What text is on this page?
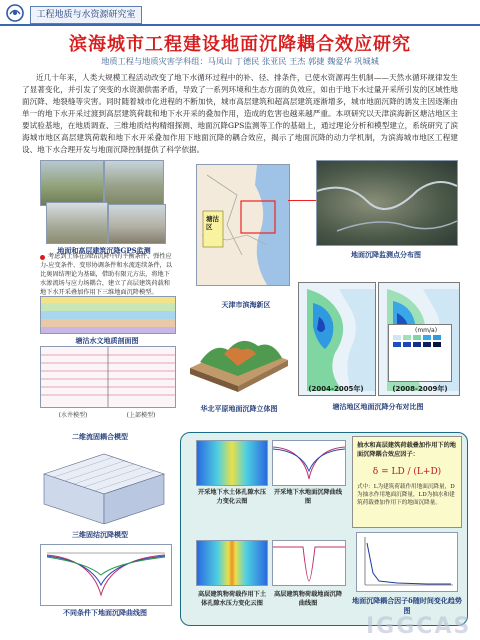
工程地质与水资源研究室
滨海城市工程建设地面沉降耦合效应研究
地质工程与地质灾害学科组：马凤山 丁德民 张亚民 王杰 郭捷 魏爱华 巩城城
近几十年来，人类大规模工程活动改变了地下水循环过程中的补、径、排条件，已使水资源再生机制——天然水循环规律发生了显著变化，并引发了突变的水资源供需矛盾，导致了一系列环境和生态方面的负效应，如由于地下水过量开采所引发的区域性地面沉降、地裂缝等灾害。同时随着城市化进程的不断加快，城市高层建筑和超高层建筑逐渐增多，城市地面沉降的诱发主因逐渐由单一的地下水开采过渡到高层建筑荷载和地下水开采的叠加作用，造成的危害也越来越严重。本项研究以天津滨海新区塘沽地区主要试验基地，在地质调查、三维地质结构精细探测、地面沉降GPS监测等工作的基础上，通过理论分析和模型建立，系统研究了滨海城市地区高层建筑荷载和地下水开采叠加作用下地面沉降的耦合效应，揭示了地面沉降的动力学机制，为滨海城市地区工程建设、地下水合理开发与地面沉降控制提供了科学依据。
地面和高层建筑沉降GPS监测
塘沽区
地面沉降监测点分布图
考虑到土体在固结沉降中的平衡条件、弹性应力-应变条件、变形协调条件和水流连续条件，以比奥固结理论为基础，借助有限元方法，将地下水渗流场与应力场耦合，建立了高层建筑荷载和地下水开采叠加作用下三维地面沉降模型。
天津市滨海新区
华北平原地面沉降立体图
(mm/a)
(2004-2005年)	(2008-2009年)
塘沽地区地面沉降分布对比图
塘沽水文地质剖面图
(水井模型)	(上部模型)
二维流固耦合模型
三维固结沉降模型
不同条件下地面沉降曲线图
开采地下水土体孔隙水压力变化云图
开采地下水地面沉降曲线图
高层建筑物荷载作用下土体孔隙水压力变化云图
高层建筑物荷载地面沉降曲线图
抽水和高层建筑荷载叠加作用下的地面沉降耦合效应因子：
δ = LD / (L+D)
式中：L为建筑荷载作用地面沉降量，D为抽水作用地面沉降量，LD为抽水和建筑荷载叠加作用下的地面沉降量。
地面沉降耦合因子δ随时间变化趋势图
IGGCAS
